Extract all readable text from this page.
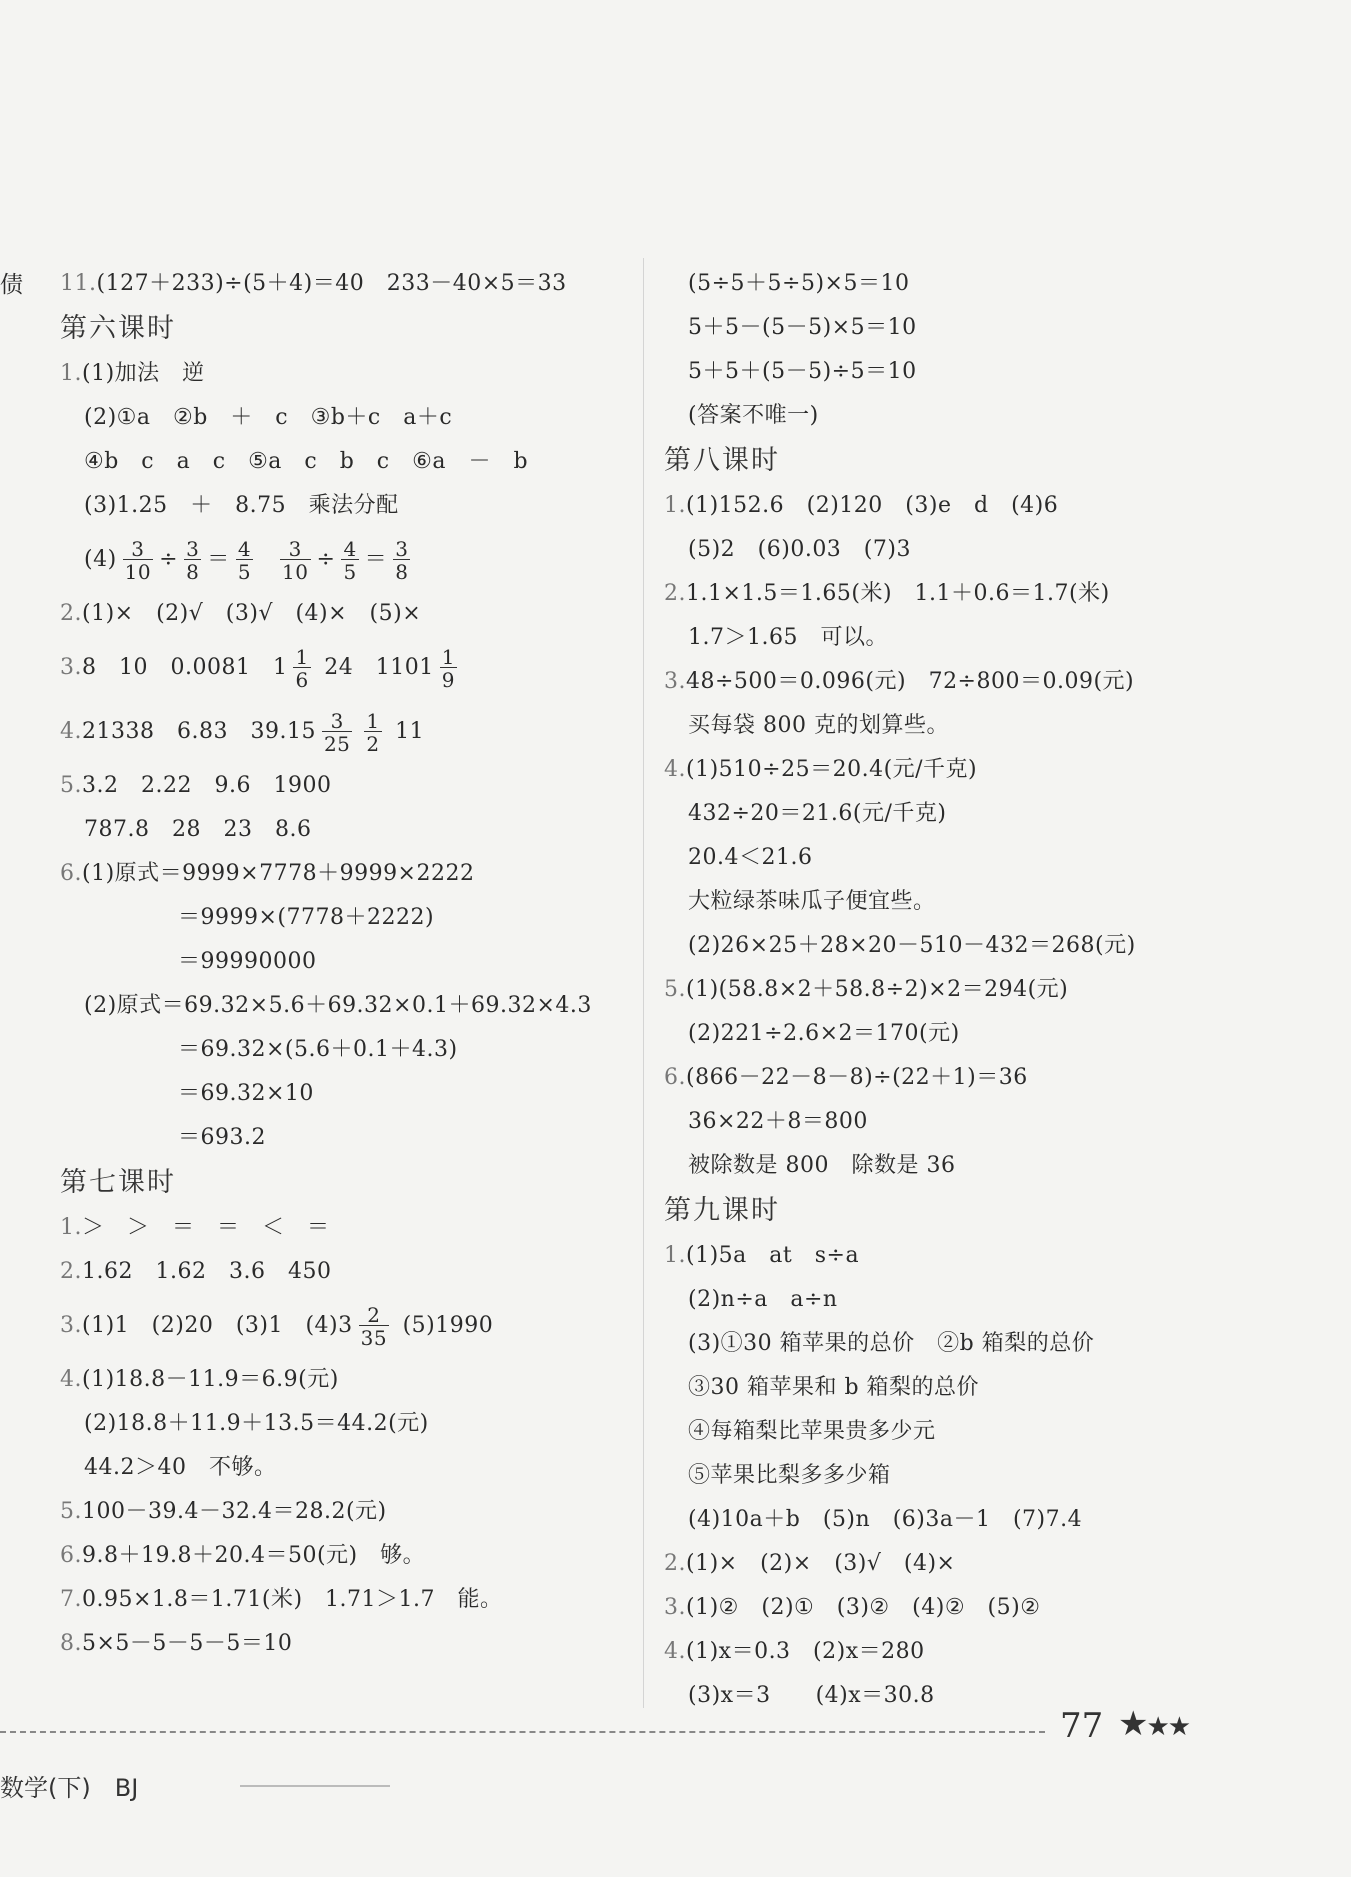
债 11.(127＋233)÷(5＋4)＝40　233－40×5＝33
第六课时
1.(1)加法　逆
(2)①a　②b　＋　c　③b＋c　a＋c
④b　c　a　c　⑤a　c　b　c　⑥a　－　b
(3)1.25　＋　8.75　乘法分配
$(4) \frac{3}{10} \div \frac{3}{8} = \frac{4}{5}$
$\frac{3}{10} \div \frac{4}{5} = \frac{3}{8}$
2.(1)×　(2)√　(3)√　(4)×　(5)×
3.8　10　0.0081　$1 \frac{1}{6} 24$　$1101 \frac{1}{9}$
4.21338　6.83　$39.15 \frac{3}{25} \frac{1}{2} 11$
5.3.2　2.22　9.6　1900
787.8　28　23　8.6
6.(1)原式＝9999×7778＋9999×2222
＝9999×(7778＋2222)
＝99990000
(2)原式＝69.32×5.6＋69.32×0.1＋69.32×4.3
＝69.32×(5.6＋0.1＋4.3)
＝69.32×10
＝693.2
第七课时
1.＞　＞　＝　＝　＜　＝
2.1.62　1.62　3.6　450
3.(1)1　(2)20　(3)1　$(4)3 \frac{2}{35} (5)1990$
4.(1)18.8－11.9＝6.9(元)
(2)18.8＋11.9＋13.5＝44.2(元)
44.2＞40　不够。
5.100－39.4－32.4＝28.2(元)
6.9.8＋19.8＋20.4＝50(元)　够。
7.0.95×1.8＝1.71(米)　1.71＞1.7　能。
8.5×5－5－5－5＝10
(5÷5＋5÷5)×5＝10
5＋5－(5－5)×5＝10
5＋5＋(5－5)÷5＝10
(答案不唯一)
第八课时
1.(1)152.6　(2)120　(3)e　d　(4)6
(5)2　(6)0.03　(7)3
2.1.1×1.5＝1.65(米)　1.1＋0.6＝1.7(米)
1.7＞1.65　可以。
3.48÷500＝0.096(元)　72÷800＝0.09(元)
买每袋 800 克的划算些。
4.(1)510÷25＝20.4(元/千克)
432÷20＝21.6(元/千克)
20.4＜21.6
大粒绿茶味瓜子便宜些。
(2)26×25＋28×20－510－432＝268(元)
5.(1)(58.8×2＋58.8÷2)×2＝294(元)
(2)221÷2.6×2＝170(元)
6.(866－22－8－8)÷(22＋1)＝36
36×22＋8＝800
被除数是 800　除数是 36
第九课时
1.(1)5a　at　s÷a
(2)n÷a　a÷n
(3)①30 箱苹果的总价　②b 箱梨的总价
③30 箱苹果和 b 箱梨的总价
④每箱梨比苹果贵多少元
⑤苹果比梨多多少箱
(4)10a＋b　(5)n　(6)3a－1　(7)7.4
2.(1)×　(2)×　(3)√　(4)×
3.(1)②　(2)①　(3)②　(4)②　(5)②
4.(1)x＝0.3　(2)x＝280
(3)x＝3　　(4)x＝30.8
77 ★★★
数学(下)　BJ
